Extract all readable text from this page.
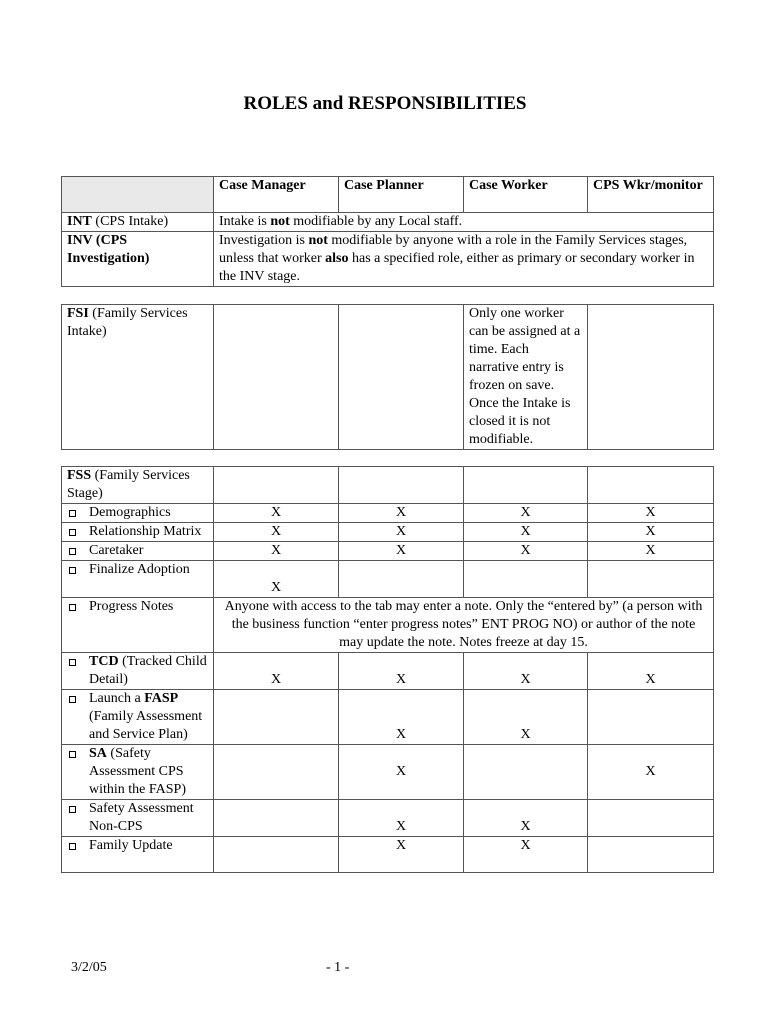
ROLES and RESPONSIBILITIES
	Case Manager	Case Planner	Case Worker	CPS Wkr/monitor
INT (CPS Intake)	Intake is not modifiable by any Local staff.			
INV (CPS Investigation)	Investigation is not modifiable by anyone with a role in the Family Services stages, unless that worker also has a specified role, either as primary or secondary worker in the INV stage.			
FSI (Family Services Intake)			Only one worker can be assigned at a time. Each narrative entry is frozen on save. Once the Intake is closed it is not modifiable.	
FSS (Family Services Stage)				

Demographics	X	X	X	X

Relationship Matrix	X	X	X	X

Caretaker	X	X	X	X

Finalize Adoption	X			

Progress Notes	Anyone with access to the tab may enter a note. Only the “entered by” (a person with the business function “enter progress notes” ENT PROG NO) or author of the note may update the note. Notes freeze at day 15.			

TCD (Tracked Child Detail)	X	X	X	X

Launch a FASP (Family Assessment and Service Plan)		X	X	

SA (Safety Assessment CPS within the FASP)		X		X

Safety Assessment Non-CPS		X	X	

Family Update		X	X	
3/2/05	- 1 -
